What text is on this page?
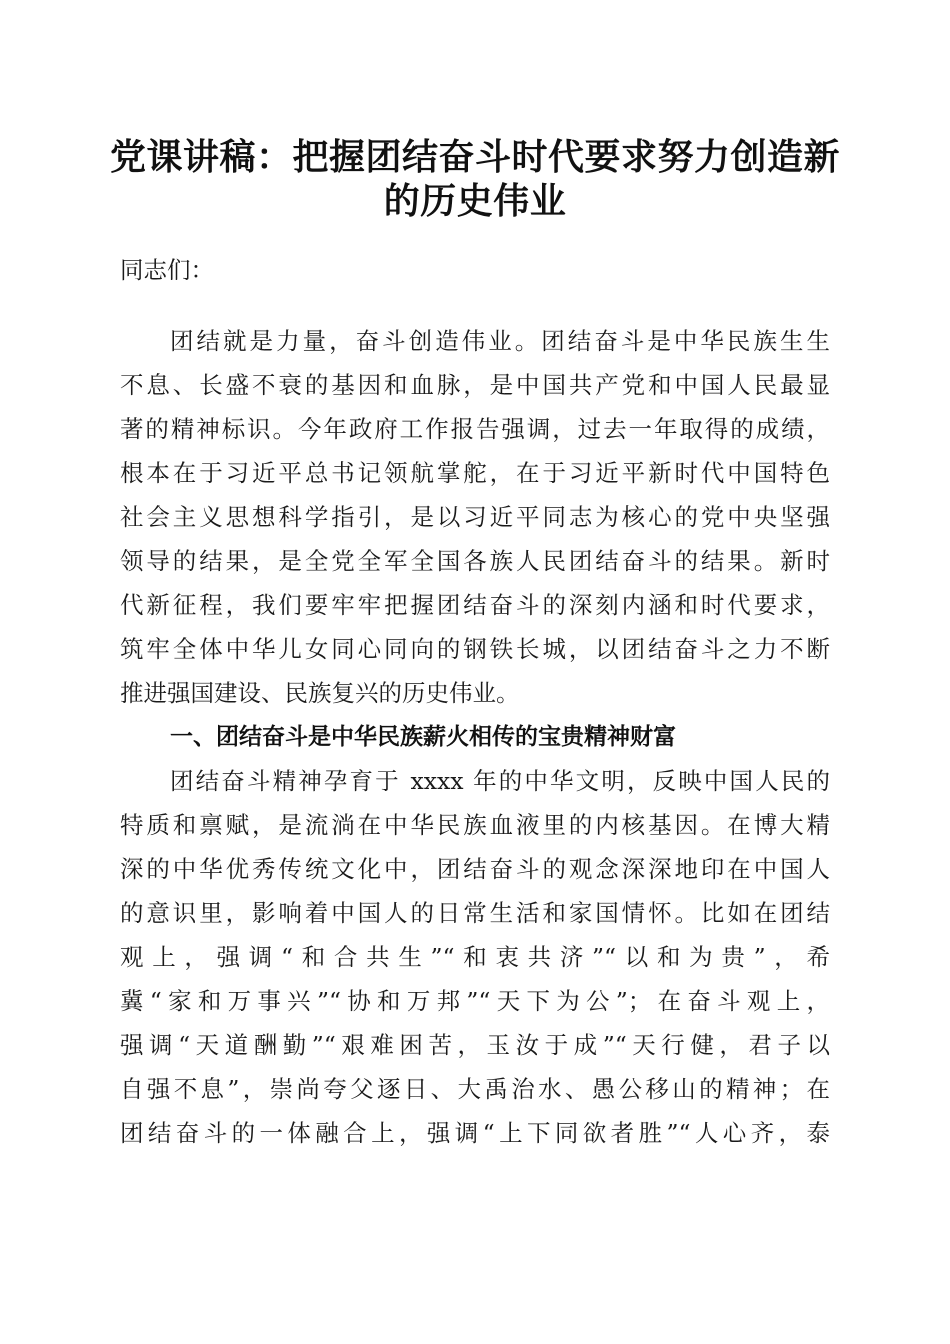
党课讲稿：把握团结奋斗时代要求努力创造新
的历史伟业
同志们：
团结就是力量，奋斗创造伟业。团结奋斗是中华民族生生
不息、长盛不衰的基因和血脉，是中国共产党和中国人民最显
著的精神标识。今年政府工作报告强调，过去一年取得的成绩，
根本在于习近平总书记领航掌舵，在于习近平新时代中国特色
社会主义思想科学指引，是以习近平同志为核心的党中央坚强
领导的结果，是全党全军全国各族人民团结奋斗的结果。新时
代新征程，我们要牢牢把握团结奋斗的深刻内涵和时代要求，
筑牢全体中华儿女同心同向的钢铁长城，以团结奋斗之力不断
推进强国建设、民族复兴的历史伟业。
一、团结奋斗是中华民族薪火相传的宝贵精神财富
团结奋斗精神孕育于 xxxx 年的中华文明，反映中国人民的
特质和禀赋，是流淌在中华民族血液里的内核基因。在博大精
深的中华优秀传统文化中，团结奋斗的观念深深地印在中国人
的意识里，影响着中国人的日常生活和家国情怀。比如在团结
观上，强调“和合共生”“和衷共济”“以和为贵”，希
冀“家和万事兴”“协和万邦”“天下为公”；在奋斗观上，
强调“天道酬勤”“艰难困苦，玉汝于成”“天行健，君子以
自强不息”，崇尚夸父逐日、大禹治水、愚公移山的精神；在
团结奋斗的一体融合上，强调“上下同欲者胜”“人心齐，泰
